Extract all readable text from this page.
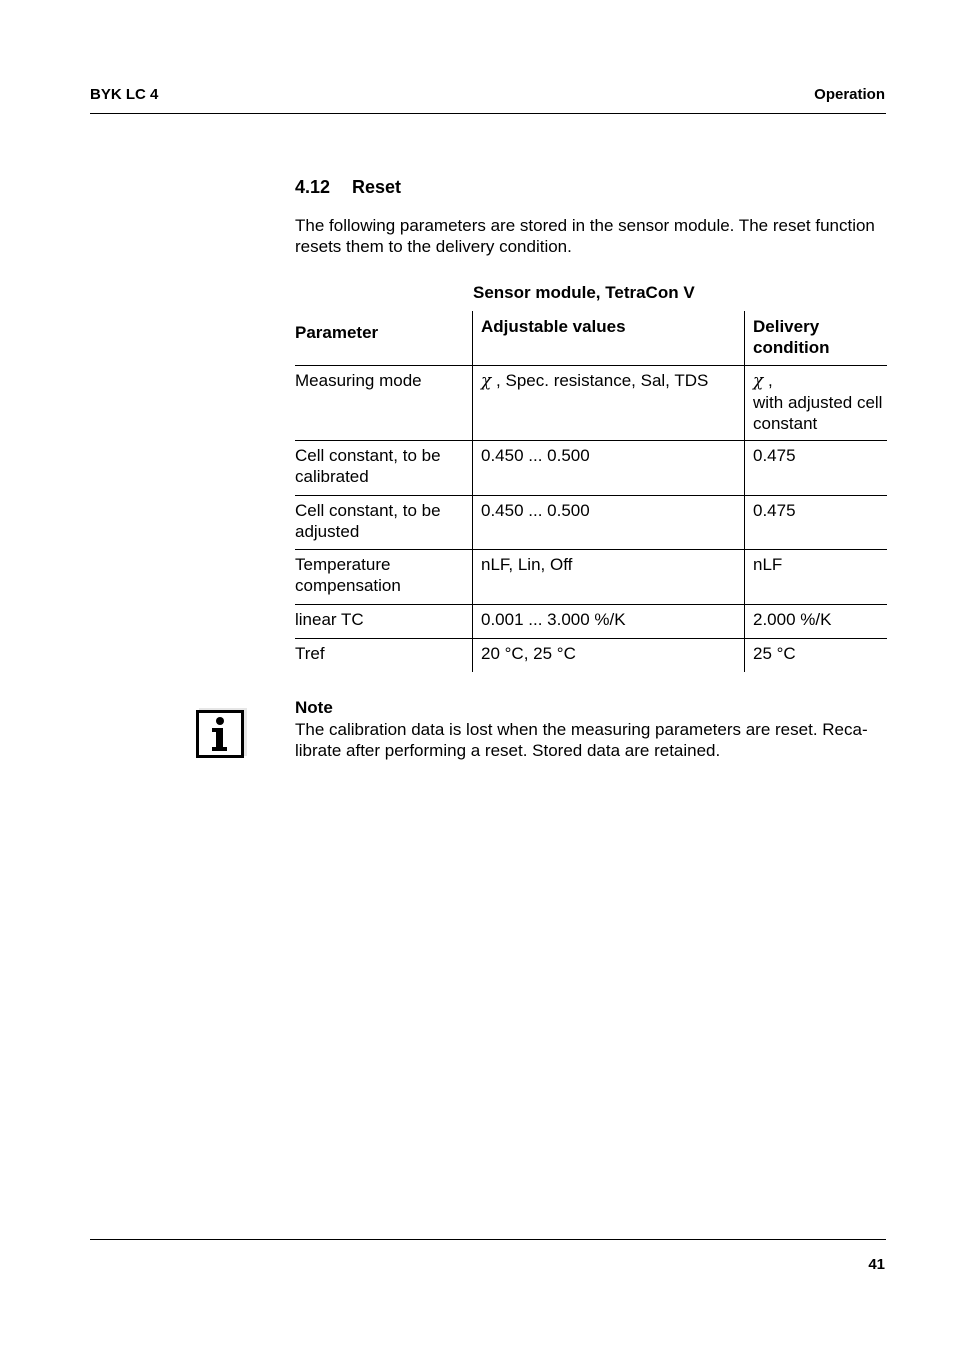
BYK LC 4	Operation
4.12 Reset
The following parameters are stored in the sensor module. The reset function resets them to the delivery condition.
Sensor module, TetraCon V
Parameter	Adjustable values	Delivery condition
Measuring mode	χ , Spec. resistance, Sal, TDS	χ ,
with adjusted cell constant
Cell constant, to be calibrated	0.450 ... 0.500	0.475
Cell constant, to be adjusted	0.450 ... 0.500	0.475
Temperature compensation	nLF, Lin, Off	nLF
linear TC	0.001 ... 3.000 %/K	2.000 %/K
Tref	20 °C, 25 °C	25 °C
Note
The calibration data is lost when the measuring parameters are reset. Reca-librate after performing a reset. Stored data are retained.
41
